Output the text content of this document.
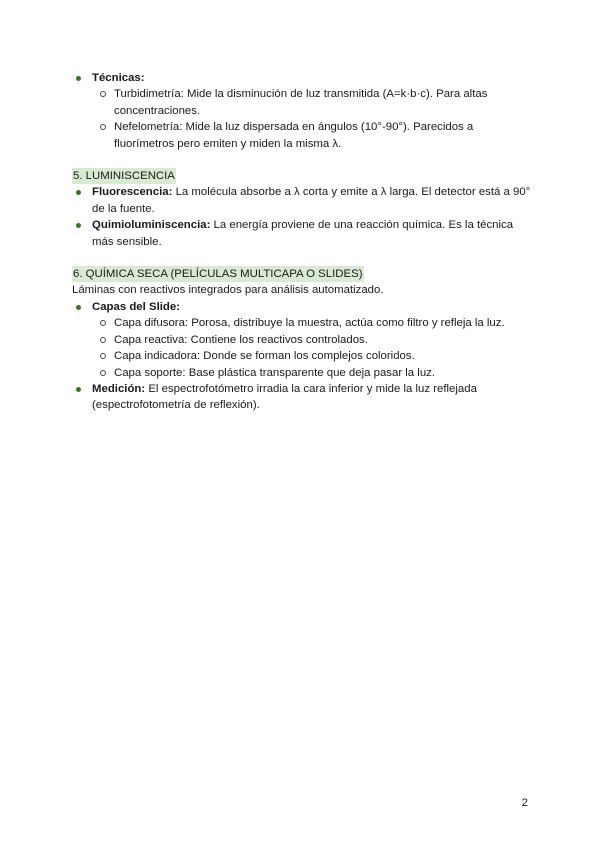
Técnicas:
Turbidimetría: Mide la disminución de luz transmitida (A=k·b·c). Para altas concentraciones.
Nefelometría: Mide la luz dispersada en ángulos (10°-90°). Parecidos a fluorímetros pero emiten y miden la misma λ.
5. LUMINISCENCIA
Fluorescencia: La molécula absorbe a λ corta y emite a λ larga. El detector está a 90° de la fuente.
Quimioluminiscencia: La energía proviene de una reacción química. Es la técnica más sensible.
6. QUÍMICA SECA (PELÍCULAS MULTICAPA O SLIDES)

Láminas con reactivos integrados para análisis automatizado.

Capas del Slide:
Capa difusora: Porosa, distribuye la muestra, actúa como filtro y refleja la luz.
Capa reactiva: Contiene los reactivos controlados.
Capa indicadora: Donde se forman los complejos coloridos.
Capa soporte: Base plástica transparente que deja pasar la luz.
Medición: El espectrofotómetro irradia la cara inferior y mide la luz reflejada (espectrofotometría de reflexión).
2
